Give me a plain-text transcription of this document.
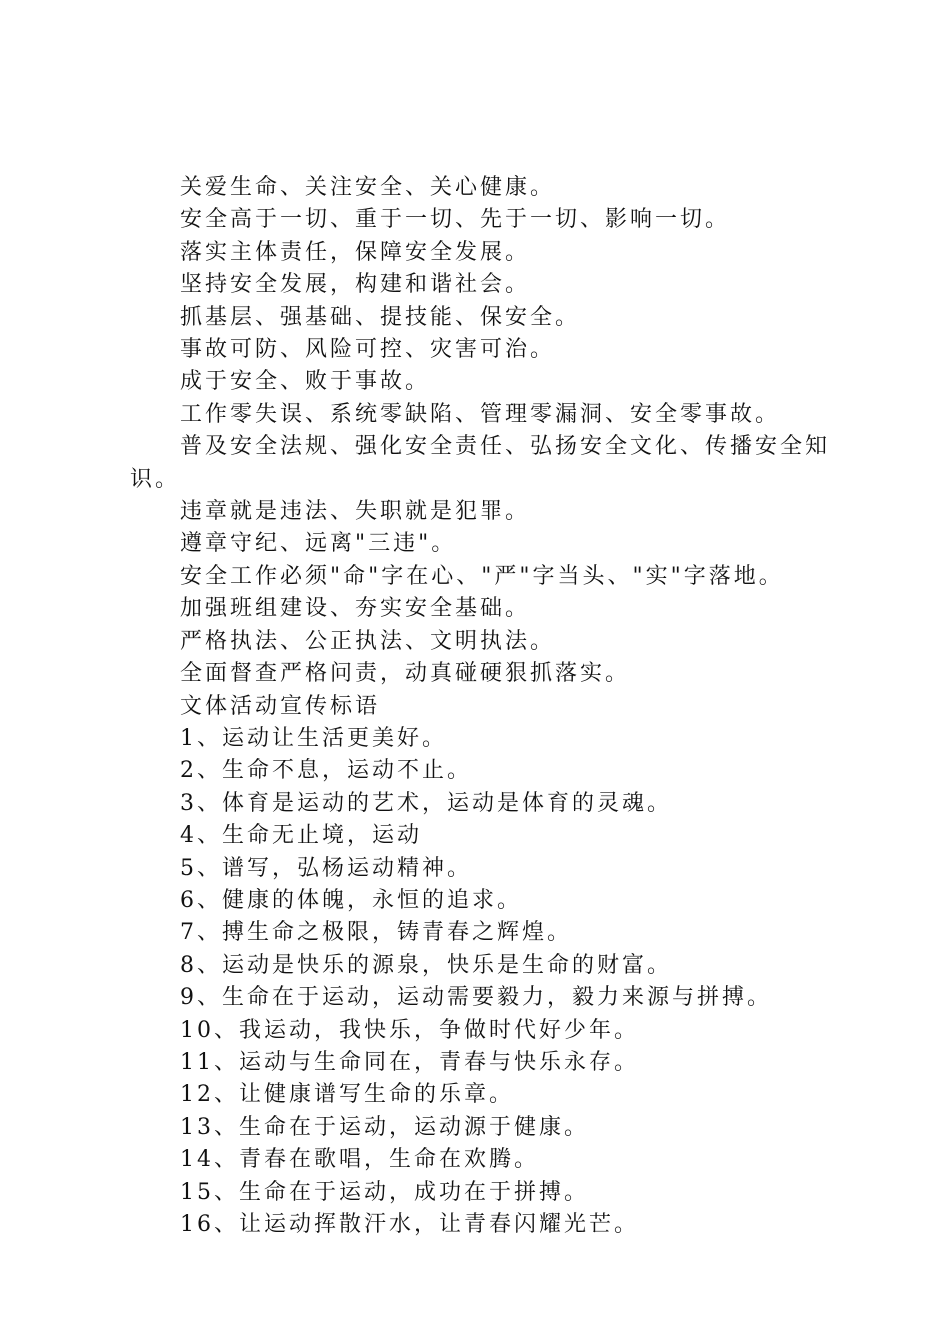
关爱生命、关注安全、关心健康。

安全高于一切、重于一切、先于一切、影响一切。

落实主体责任，保障安全发展。

坚持安全发展，构建和谐社会。

抓基层、强基础、提技能、保安全。

事故可防、风险可控、灾害可治。

成于安全、败于事故。

工作零失误、系统零缺陷、管理零漏洞、安全零事故。

普及安全法规、强化安全责任、弘扬安全文化、传播安全知识。

违章就是违法、失职就是犯罪。

遵章守纪、远离"三违"。

安全工作必须"命"字在心、"严"字当头、"实"字落地。

加强班组建设、夯实安全基础。

严格执法、公正执法、文明执法。

全面督查严格问责，动真碰硬狠抓落实。

文体活动宣传标语

1、运动让生活更美好。

2、生命不息，运动不止。

3、体育是运动的艺术，运动是体育的灵魂。

4、生命无止境，运动

5、谱写，弘杨运动精神。

6、健康的体魄，永恒的追求。

7、搏生命之极限，铸青春之辉煌。

8、运动是快乐的源泉，快乐是生命的财富。

9、生命在于运动，运动需要毅力，毅力来源与拼搏。

10、我运动，我快乐，争做时代好少年。

11、运动与生命同在，青春与快乐永存。

12、让健康谱写生命的乐章。

13、生命在于运动，运动源于健康。

14、青春在歌唱，生命在欢腾。

15、生命在于运动，成功在于拼搏。

16、让运动挥散汗水，让青春闪耀光芒。
